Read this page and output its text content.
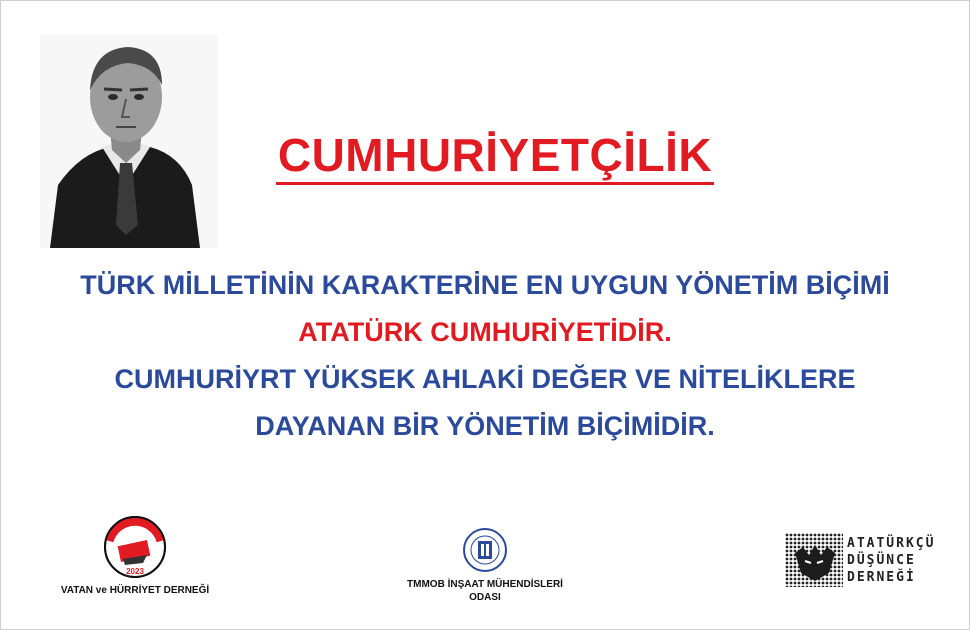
CUMHURİYETÇİLİK
TÜRK MİLLETİNİN KARAKTERİNE EN UYGUN YÖNETİM BİÇİMİ
ATATÜRK CUMHURİYETİDİR.
CUMHURİYRT YÜKSEK AHLAKİ DEĞER VE NİTELİKLERE
DAYANAN BİR YÖNETİM BİÇİMİDİR.
2023
VATAN ve HÜRRİYET DERNEĞİ
TMMOB İNŞAAT MÜHENDİSLERİ
ODASI
ATATÜRKÇÜ
DÜŞÜNCE
DERNEĞİ
